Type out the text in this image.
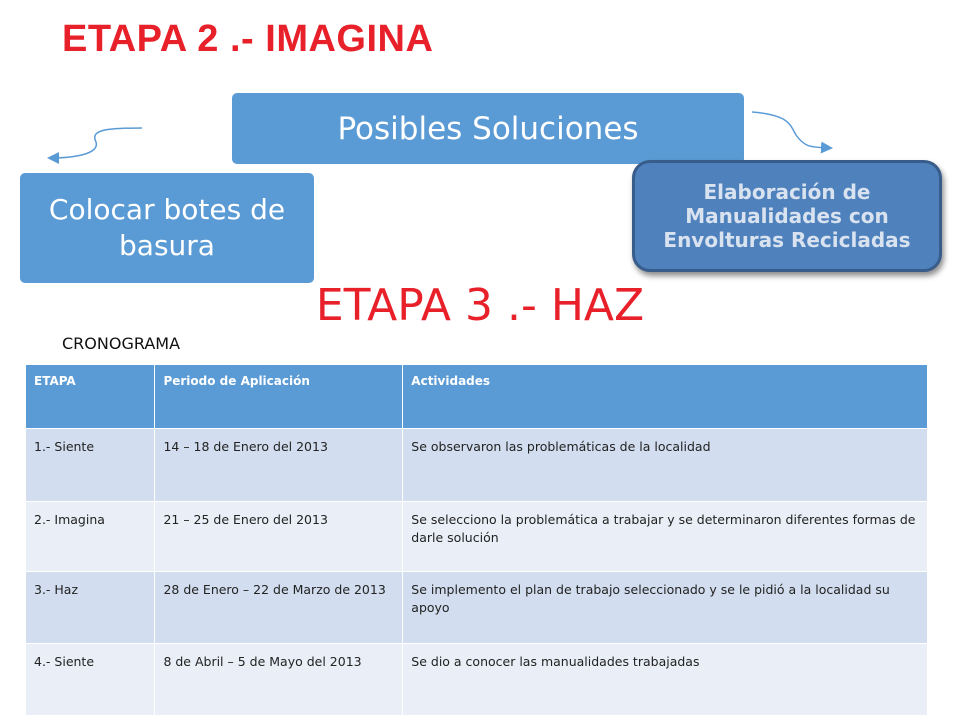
ETAPA 2 .- IMAGINA
Posibles Soluciones
Colocar botes de basura
Elaboración de Manualidades con Envolturas Recicladas
ETAPA 3 .- HAZ
CRONOGRAMA
ETAPA	Periodo de Aplicación	Actividades
1.- Siente	14 – 18 de Enero del 2013	Se observaron las problemáticas de la localidad
2.- Imagina	21 – 25 de Enero del 2013	Se selecciono la problemática a trabajar y se determinaron diferentes formas de darle solución
3.- Haz	28 de Enero – 22 de Marzo de 2013	Se implemento el plan de trabajo seleccionado y se le pidió a la localidad su apoyo
4.- Siente	8 de Abril – 5 de Mayo del 2013	Se dio a conocer las manualidades trabajadas
